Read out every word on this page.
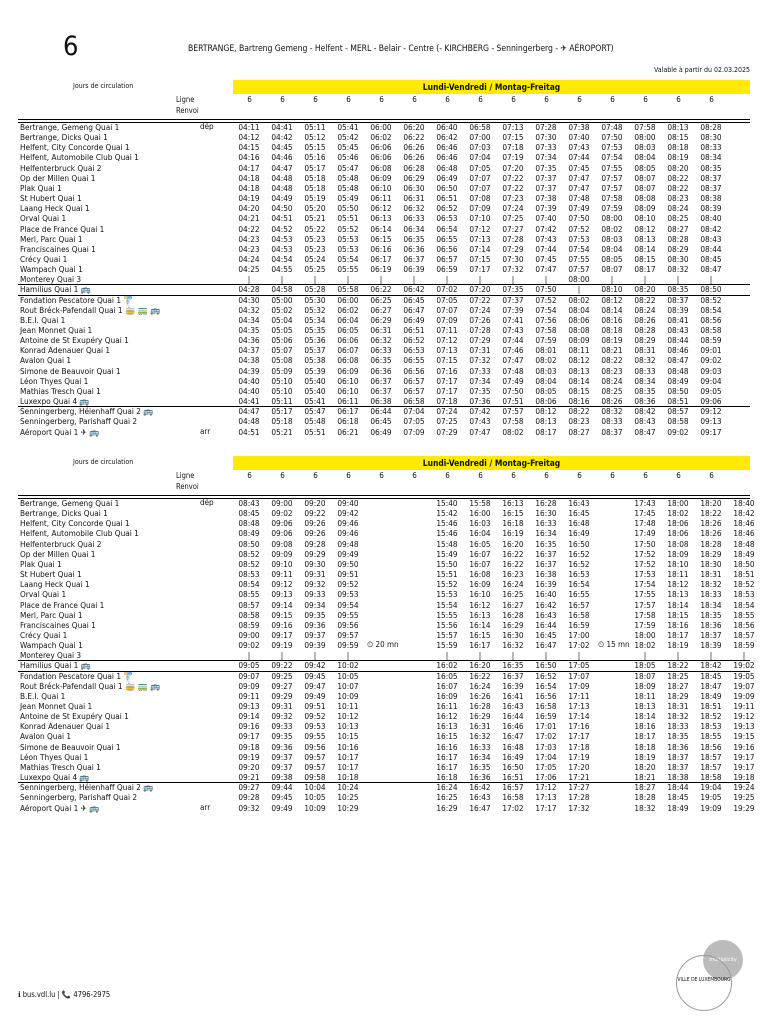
6	BERTRANGE, Bartreng Gemeng - Helfent - MERL - Belair - Centre (- KIRCHBERG - Senningerberg - ✈ AÉROPORT)
Valable à partir du 02.03.2025
Jours de circulation	Lundi-Vendredi / Montag-Freitag
Ligne	6	6	6	6	6	6	6	6	6	6	6	6	6	6	6
Renvoi
Bertrange, Gemeng Quai 1	dép	04:11	04:41	05:11	05:41	06:00	06:20	06:40	06:58	07:13	07:28	07:38	07:48	07:58	08:13	08:28
Bertrange, Dicks Quai 1	04:12	04:42	05:12	05:42	06:02	06:22	06:42	07:00	07:15	07:30	07:40	07:50	08:00	08:15	08:30
Helfent, City Concorde Quai 1	04:15	04:45	05:15	05:45	06:06	06:26	06:46	07:03	07:18	07:33	07:43	07:53	08:03	08:18	08:33
Helfent, Automobile Club Quai 1	04:16	04:46	05:16	05:46	06:06	06:26	06:46	07:04	07:19	07:34	07:44	07:54	08:04	08:19	08:34
Helfenterbruck Quai 2	04:17	04:47	05:17	05:47	06:08	06:28	06:48	07:05	07:20	07:35	07:45	07:55	08:05	08:20	08:35
Op der Millen Quai 1	04:18	04:48	05:18	05:48	06:09	06:29	06:49	07:07	07:22	07:37	07:47	07:57	08:07	08:22	08:37
Plak Quai 1	04:18	04:48	05:18	05:48	06:10	06:30	06:50	07:07	07:22	07:37	07:47	07:57	08:07	08:22	08:37
St Hubert Quai 1	04:19	04:49	05:19	05:49	06:11	06:31	06:51	07:08	07:23	07:38	07:48	07:58	08:08	08:23	08:38
Laang Heck Quai 1	04:20	04:50	05:20	05:50	06:12	06:32	06:52	07:09	07:24	07:39	07:49	07:59	08:09	08:24	08:39
Orval Quai 1	04:21	04:51	05:21	05:51	06:13	06:33	06:53	07:10	07:25	07:40	07:50	08:00	08:10	08:25	08:40
Place de France Quai 1	04:22	04:52	05:22	05:52	06:14	06:34	06:54	07:12	07:27	07:42	07:52	08:02	08:12	08:27	08:42
Merl, Parc Quai 1	04:23	04:53	05:23	05:53	06:15	06:35	06:55	07:13	07:28	07:43	07:53	08:03	08:13	08:28	08:43
Franciscaines Quai 1	04:23	04:53	05:23	05:53	06:16	06:36	06:56	07:14	07:29	07:44	07:54	08:04	08:14	08:29	08:44
Crécy Quai 1	04:24	04:54	05:24	05:54	06:17	06:37	06:57	07:15	07:30	07:45	07:55	08:05	08:15	08:30	08:45
Wampach Quai 1	04:25	04:55	05:25	05:55	06:19	06:39	06:59	07:17	07:32	07:47	07:57	08:07	08:17	08:32	08:47
Monterey Quai 3	|	|	|	|	|	|	|	|	|	|	08:00	|	|	|	|
Hamilius Quai 1 🚌	04:28	04:58	05:28	05:58	06:22	06:42	07:02	07:20	07:35	07:50	|	08:10	08:20	08:35	08:50
Fondation Pescatore Quai 1 🚏	04:30	05:00	05:30	06:00	06:25	06:45	07:05	07:22	07:37	07:52	08:02	08:12	08:22	08:37	08:52
Rout Bréck-Pafendall Quai 1 🚋 🚃 🚌	04:32	05:02	05:32	06:02	06:27	06:47	07:07	07:24	07:39	07:54	08:04	08:14	08:24	08:39	08:54
B.E.I. Quai 1	04:34	05:04	05:34	06:04	06:29	06:49	07:09	07:26	07:41	07:56	08:06	08:16	08:26	08:41	08:56
Jean Monnet Quai 1	04:35	05:05	05:35	06:05	06:31	06:51	07:11	07:28	07:43	07:58	08:08	08:18	08:28	08:43	08:58
Antoine de St Exupéry Quai 1	04:36	05:06	05:36	06:06	06:32	06:52	07:12	07:29	07:44	07:59	08:09	08:19	08:29	08:44	08:59
Konrad Adenauer Quai 1	04:37	05:07	05:37	06:07	06:33	06:53	07:13	07:31	07:46	08:01	08:11	08:21	08:31	08:46	09:01
Avalon Quai 1	04:38	05:08	05:38	06:08	06:35	06:55	07:15	07:32	07:47	08:02	08:12	08:22	08:32	08:47	09:02
Simone de Beauvoir Quai 1	04:39	05:09	05:39	06:09	06:36	06:56	07:16	07:33	07:48	08:03	08:13	08:23	08:33	08:48	09:03
Léon Thyes Quai 1	04:40	05:10	05:40	06:10	06:37	06:57	07:17	07:34	07:49	08:04	08:14	08:24	08:34	08:49	09:04
Mathias Tresch Quai 1	04:40	05:10	05:40	06:10	06:37	06:57	07:17	07:35	07:50	08:05	08:15	08:25	08:35	08:50	09:05
Luxexpo Quai 4 🚌	04:41	05:11	05:41	06:11	06:38	06:58	07:18	07:36	07:51	08:06	08:16	08:26	08:36	08:51	09:06
Senningerberg, Héienhaff Quai 2 🚌	04:47	05:17	05:47	06:17	06:44	07:04	07:24	07:42	07:57	08:12	08:22	08:32	08:42	08:57	09:12
Senningerberg, Parishaff Quai 2	04:48	05:18	05:48	06:18	06:45	07:05	07:25	07:43	07:58	08:13	08:23	08:33	08:43	08:58	09:13
Aéroport Quai 1 ✈ 🚌	arr	04:51	05:21	05:51	06:21	06:49	07:09	07:29	07:47	08:02	08:17	08:27	08:37	08:47	09:02	09:17
Jours de circulation	Lundi-Vendredi / Montag-Freitag
Ligne	6	6	6	6	6	6	6	6	6	6	6	6	6	6	6
Renvoi
Bertrange, Gemeng Quai 1	dép	08:43	09:00	09:20	09:40	15:40	15:58	16:13	16:28	16:43	17:43	18:00	18:20	18:40
Bertrange, Dicks Quai 1	08:45	09:02	09:22	09:42	15:42	16:00	16:15	16:30	16:45	17:45	18:02	18:22	18:42
Helfent, City Concorde Quai 1	08:48	09:06	09:26	09:46	15:46	16:03	16:18	16:33	16:48	17:48	18:06	18:26	18:46
Helfent, Automobile Club Quai 1	08:49	09:06	09:26	09:46	15:46	16:04	16:19	16:34	16:49	17:49	18:06	18:26	18:46
Helfenterbruck Quai 2	08:50	09:08	09:28	09:48	15:48	16:05	16:20	16:35	16:50	17:50	18:08	18:28	18:48
Op der Millen Quai 1	08:52	09:09	09:29	09:49	15:49	16:07	16:22	16:37	16:52	17:52	18:09	18:29	18:49
Plak Quai 1	08:52	09:10	09:30	09:50	15:50	16:07	16:22	16:37	16:52	17:52	18:10	18:30	18:50
St Hubert Quai 1	08:53	09:11	09:31	09:51	15:51	16:08	16:23	16:38	16:53	17:53	18:11	18:31	18:51
Laang Heck Quai 1	08:54	09:12	09:32	09:52	15:52	16:09	16:24	16:39	16:54	17:54	18:12	18:32	18:52
Orval Quai 1	08:55	09:13	09:33	09:53	15:53	16:10	16:25	16:40	16:55	17:55	18:13	18:33	18:53
Place de France Quai 1	08:57	09:14	09:34	09:54	15:54	16:12	16:27	16:42	16:57	17:57	18:14	18:34	18:54
Merl, Parc Quai 1	08:58	09:15	09:35	09:55	15:55	16:13	16:28	16:43	16:58	17:58	18:15	18:35	18:55
Franciscaines Quai 1	08:59	09:16	09:36	09:56	15:56	16:14	16:29	16:44	16:59	17:59	18:16	18:36	18:56
Crécy Quai 1	09:00	09:17	09:37	09:57	15:57	16:15	16:30	16:45	17:00	18:00	18:17	18:37	18:57
Wampach Quai 1	09:02	09:19	09:39	09:59	15:59	16:17	16:32	16:47	17:02	18:02	18:19	18:39	18:59
Monterey Quai 3	|	|	|	|	|	|	|	|	|	|	|	|	|
Hamilius Quai 1 🚌	09:05	09:22	09:42	10:02	16:02	16:20	16:35	16:50	17:05	18:05	18:22	18:42	19:02
Fondation Pescatore Quai 1 🚏	09:07	09:25	09:45	10:05	16:05	16:22	16:37	16:52	17:07	18:07	18:25	18:45	19:05
Rout Bréck-Pafendall Quai 1 🚋 🚃 🚌	09:09	09:27	09:47	10:07	16:07	16:24	16:39	16:54	17:09	18:09	18:27	18:47	19:07
B.E.I. Quai 1	09:11	09:29	09:49	10:09	16:09	16:26	16:41	16:56	17:11	18:11	18:29	18:49	19:09
Jean Monnet Quai 1	09:13	09:31	09:51	10:11	16:11	16:28	16:43	16:58	17:13	18:13	18:31	18:51	19:11
Antoine de St Exupéry Quai 1	09:14	09:32	09:52	10:12	16:12	16:29	16:44	16:59	17:14	18:14	18:32	18:52	19:12
Konrad Adenauer Quai 1	09:16	09:33	09:53	10:13	16:13	16:31	16:46	17:01	17:16	18:16	18:33	18:53	19:13
Avalon Quai 1	09:17	09:35	09:55	10:15	16:15	16:32	16:47	17:02	17:17	18:17	18:35	18:55	19:15
Simone de Beauvoir Quai 1	09:18	09:36	09:56	10:16	16:16	16:33	16:48	17:03	17:18	18:18	18:36	18:56	19:16
Léon Thyes Quai 1	09:19	09:37	09:57	10:17	16:17	16:34	16:49	17:04	17:19	18:19	18:37	18:57	19:17
Mathias Tresch Quai 1	09:20	09:37	09:57	10:17	16:17	16:35	16:50	17:05	17:20	18:20	18:37	18:57	19:17
Luxexpo Quai 4 🚌	09:21	09:38	09:58	10:18	16:18	16:36	16:51	17:06	17:21	18:21	18:38	18:58	19:18
Senningerberg, Héienhaff Quai 2 🚌	09:27	09:44	10:04	10:24	16:24	16:42	16:57	17:12	17:27	18:27	18:44	19:04	19:24
Senningerberg, Parishaff Quai 2	09:28	09:45	10:05	10:25	16:25	16:43	16:58	17:13	17:28	18:28	18:45	19:05	19:25
Aéroport Quai 1 ✈ 🚌	arr	09:32	09:49	10:09	10:29	16:29	16:47	17:02	17:17	17:32	18:32	18:49	19:09	19:29
⏲ 20 mn	⏲ 15 mn
multiplicity
VILLE DE LUXEMBOURG
ℹ bus.vdl.lu | 📞 4796-2975
